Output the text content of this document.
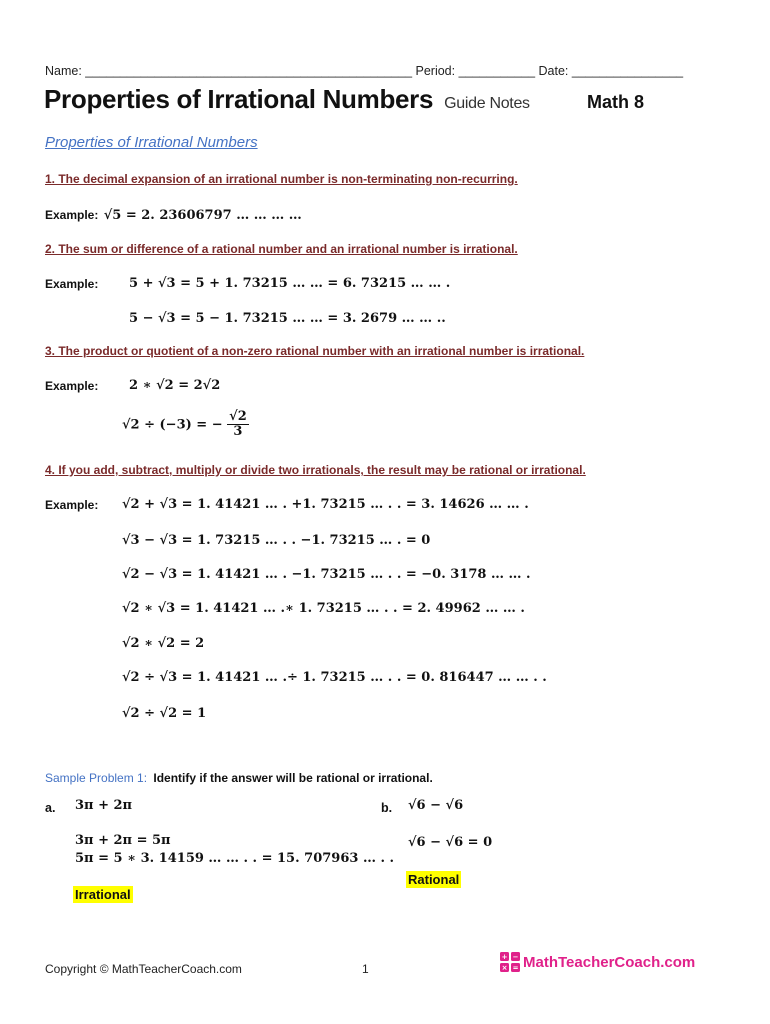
Name: _______________________________________________ Period: ___________ Date: ________________
Properties of Irrational Numbers Guide Notes	Math 8
Properties of Irrational Numbers
1. The decimal expansion of an irrational number is non-terminating non-recurring.
Example: √5 = 2. 23606797 … … … …
2. The sum or difference of a rational number and an irrational number is irrational.
Example: 5 + √3 = 5 + 1. 73215 … … = 6. 73215 … … .
5 − √3 = 5 − 1. 73215 … … = 3. 2679 … … ..
3. The product or quotient of a non-zero rational number with an irrational number is irrational.
Example: 2 ∗ √2 = 2√2
√2 ÷ (−3) = − $\frac{√2}{3}$
4. If you add, subtract, multiply or divide two irrationals, the result may be rational or irrational.
Example: √2 + √3 = 1. 41421 … . +1. 73215 … . . = 3. 14626 … … .
√3 − √3 = 1. 73215 … . . −1. 73215 … . = 0
√2 − √3 = 1. 41421 … . −1. 73215 … . . = −0. 3178 … … .
√2 ∗ √3 = 1. 41421 … .∗ 1. 73215 … . . = 2. 49962 … … .
√2 ∗ √2 = 2
√2 ÷ √3 = 1. 41421 … .÷ 1. 73215 … . . = 0. 816447 … … . .
√2 ÷ √2 = 1
Sample Problem 1: Identify if the answer will be rational or irrational.
a. 3π + 2π
3π + 2π = 5π
5π = 5 ∗ 3. 14159 … … . . = 15. 707963 … . .
Irrational
b. √6 − √6
√6 − √6 = 0
Rational
Copyright © MathTeacherCoach.com	1
+ −
× = MathTeacherCoach.com
